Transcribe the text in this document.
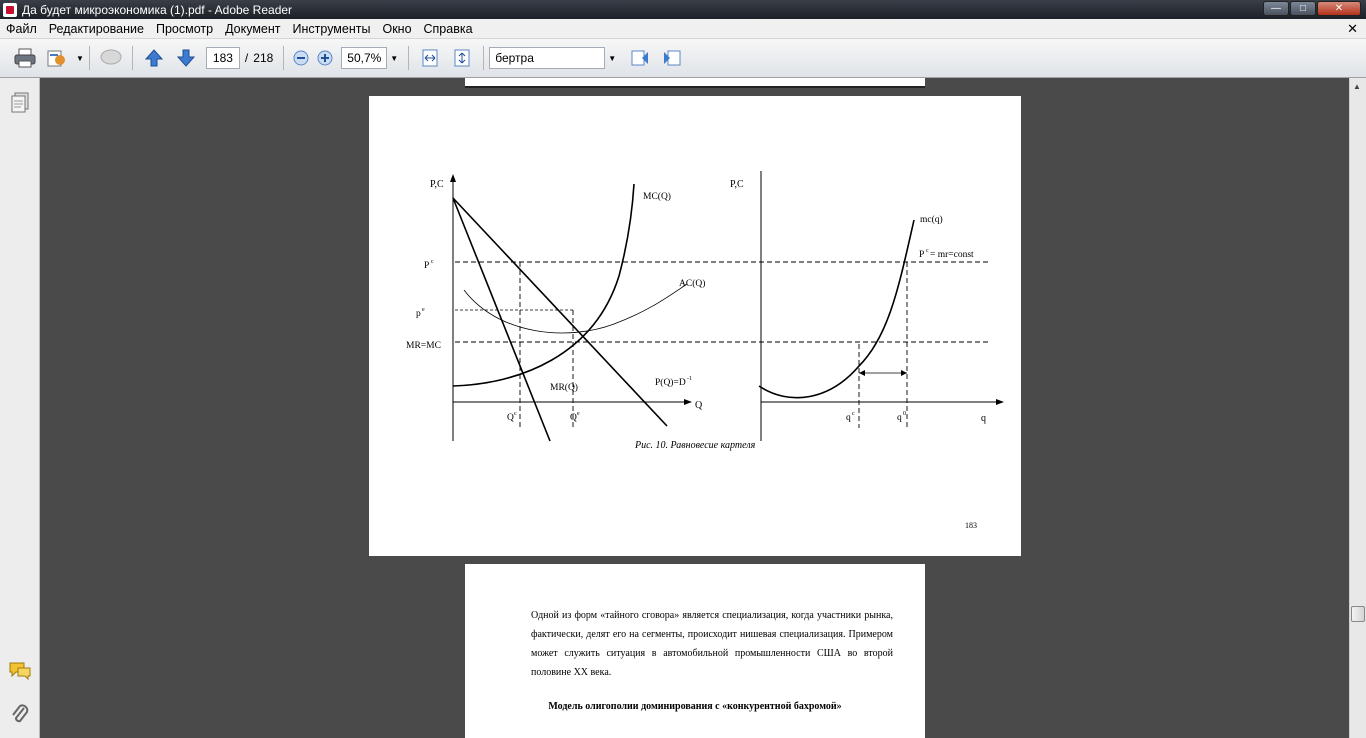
Да будет микроэкономика (1).pdf - Adobe Reader	—	□	✕
Файл Редактирование Просмотр Документ Инструменты Окно Справка	✕
▼	183 / 218	50,7%	▼	бертра	▼
P,C
Q
P c
p e
MR=MC
MC(Q)
AC(Q)
MR(Q)	P(Q)=D -1
Q c	Q e
P,C
q
mc(q)
P c = mr=const
q c	q 0
Рис. 10. Равновесие картеля
183
Одной из форм «тайного сговора» является специализация, когда участники рынка, фактически, делят его на сегменты, происходит нишевая специализация. Примером может служить ситуация в автомобильной промышленности США во второй половине XX века.
Модель олигополии доминирования с «конкурентной бахромой»
▲
